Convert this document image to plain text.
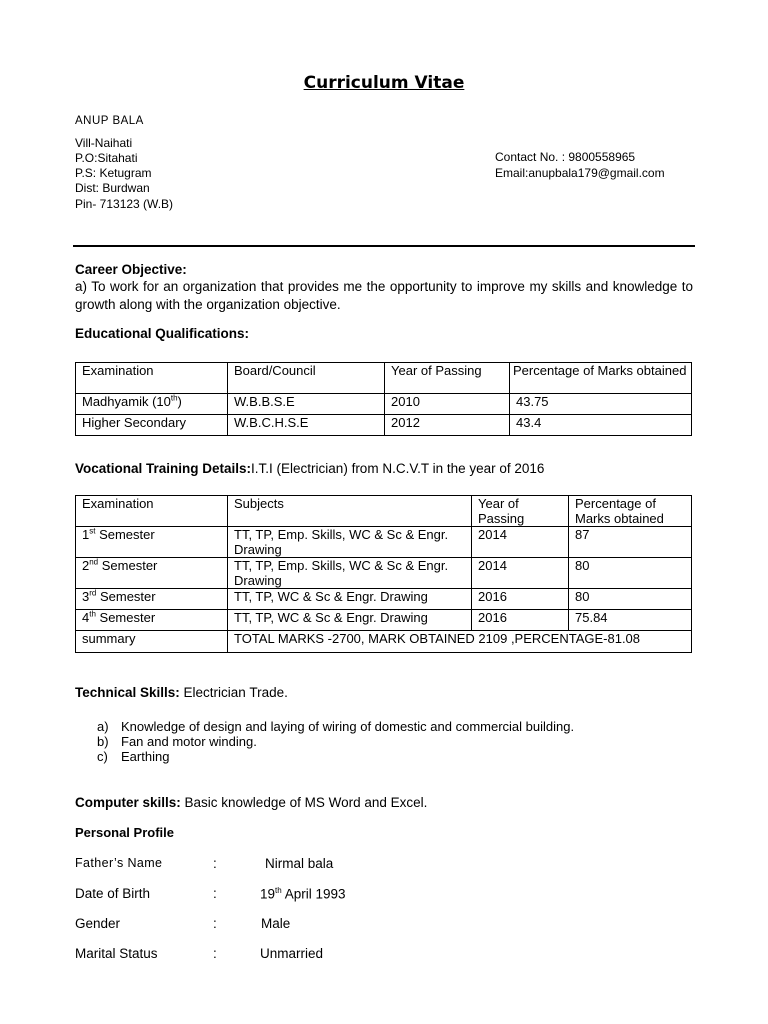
Curriculum Vitae
ANUP BALA
Vill-Naihati
P.O:Sitahati
P.S: Ketugram
Dist: Burdwan
Pin- 713123 (W.B)
Contact No. : 9800558965
Email:anupbala179@gmail.com
Career Objective:
a) To work for an organization that provides me the opportunity to improve my skills and knowledge to growth along with the organization objective.
Educational Qualifications:
Examination	Board/Council	Year of Passing	Percentage of Marks obtained
Madhyamik (10th)	W.B.B.S.E	2010	43.75
Higher Secondary	W.B.C.H.S.E	2012	43.4
Vocational Training Details:I.T.I (Electrician) from N.C.V.T in the year of 2016
Examination	Subjects	Year of Passing	Percentage of Marks obtained
1st Semester	TT, TP, Emp. Skills, WC & Sc & Engr. Drawing	2014	87
2nd Semester	TT, TP, Emp. Skills, WC & Sc & Engr. Drawing	2014	80
3rd Semester	TT, TP, WC & Sc & Engr. Drawing	2016	80
4th Semester	TT, TP, WC & Sc & Engr. Drawing	2016	75.84
summary	TOTAL MARKS -2700, MARK OBTAINED 2109 ,PERCENTAGE-81.08		
Technical Skills: Electrician Trade.
a) Knowledge of design and laying of wiring of domestic and commercial building.
b) Fan and motor winding.
c)	Earthing
Computer skills: Basic knowledge of MS Word and Excel.
Personal Profile
Father’s Name	:	Nirmal bala
Date of Birth	:	19th April 1993
Gender	:	Male
Marital Status	:	Unmarried
